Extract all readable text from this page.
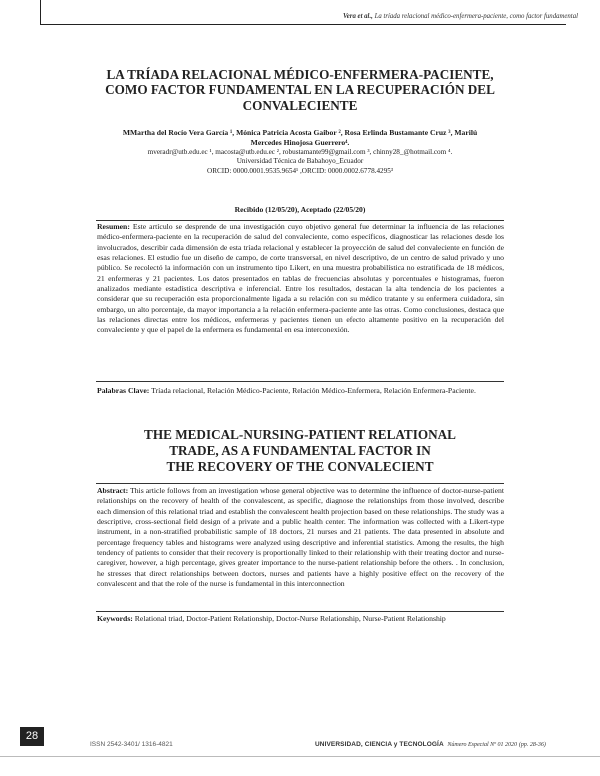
Vera et al., La tríada relacional médico-enfermera-paciente, como factor fundamental
LA TRÍADA RELACIONAL MÉDICO-ENFERMERA-PACIENTE,
COMO FACTOR FUNDAMENTAL EN LA RECUPERACIÓN DEL
CONVALECIENTE
MMartha del Rocío Vera García ¹, Mónica Patricia Acosta Gaibor ², Rosa Erlinda Bustamante Cruz ³, Marilú
Mercedes Hinojosa Guerrero⁴.
mveradr@utb.edu.ec ¹, macosta@utb.edu.ec ², robustamante99@gmail.com ³, chinny28_@hotmail.com ⁴.
Universidad Técnica de Babahoyo_Ecuador
ORCID: 0000.0001.9535.9654¹ ,ORCID: 0000.0002.6778.4295³
Recibido (12/05/20), Aceptado (22/05/20)
Resumen: Este artículo se desprende de una investigación cuyo objetivo general fue determinar la influencia de las relaciones médico-enfermera-paciente en la recuperación de salud del convaleciente, como específicos, diagnosticar las relaciones desde los involucrados, describir cada dimensión de esta tríada relacional y establecer la proyección de salud del convaleciente en función de esas relaciones. El estudio fue un diseño de campo, de corte transversal, en nivel descriptivo, de un centro de salud privado y uno público. Se recolectó la información con un instrumento tipo Likert, en una muestra probabilística no estratificada de 18 médicos, 21 enfermeras y 21 pacientes. Los datos presentados en tablas de frecuencias absolutas y porcentuales e histogramas, fueron analizados mediante estadística descriptiva e inferencial. Entre los resultados, destacan la alta tendencia de los pacientes a considerar que su recuperación esta proporcionalmente ligada a su relación con su médico tratante y su enfermera cuidadora, sin embargo, un alto porcentaje, da mayor importancia a la relación enfermera-paciente ante las otras. Como conclusiones, destaca que las relaciones directas entre los médicos, enfermeras y pacientes tienen un efecto altamente positivo en la recuperación del convaleciente y que el papel de la enfermera es fundamental en esa interconexión.
Palabras Clave: Tríada relacional, Relación Médico-Paciente, Relación Médico-Enfermera, Relación Enfermera-Paciente.
THE MEDICAL-NURSING-PATIENT RELATIONAL
TRADE, AS A FUNDAMENTAL FACTOR IN
THE RECOVERY OF THE CONVALECIENT
Abstract: This article follows from an investigation whose general objective was to determine the influence of doctor-nurse-patient relationships on the recovery of health of the convalescent, as specific, diagnose the relationships from those involved, describe each dimension of this relational triad and establish the convalescent health projection based on these relationships. The study was a descriptive, cross-sectional field design of a private and a public health center. The information was collected with a Likert-type instrument, in a non-stratified probabilistic sample of 18 doctors, 21 nurses and 21 patients. The data presented in absolute and percentage frequency tables and histograms were analyzed using descriptive and inferential statistics. Among the results, the high tendency of patients to consider that their recovery is proportionally linked to their relationship with their treating doctor and nurse-caregiver, however, a high percentage, gives greater importance to the nurse-patient relationship before the others. . In conclusion, he stresses that direct relationships between doctors, nurses and patients have a highly positive effect on the recovery of the convalescent and that the role of the nurse is fundamental in this interconnection
Keywords: Relational triad, Doctor-Patient Relationship, Doctor-Nurse Relationship, Nurse-Patient Relationship
28
ISSN 2542-3401/ 1316-4821	UNIVERSIDAD, CIENCIA y TECNOLOGÍA Número Especial Nº 01 2020 (pp. 28-36)
